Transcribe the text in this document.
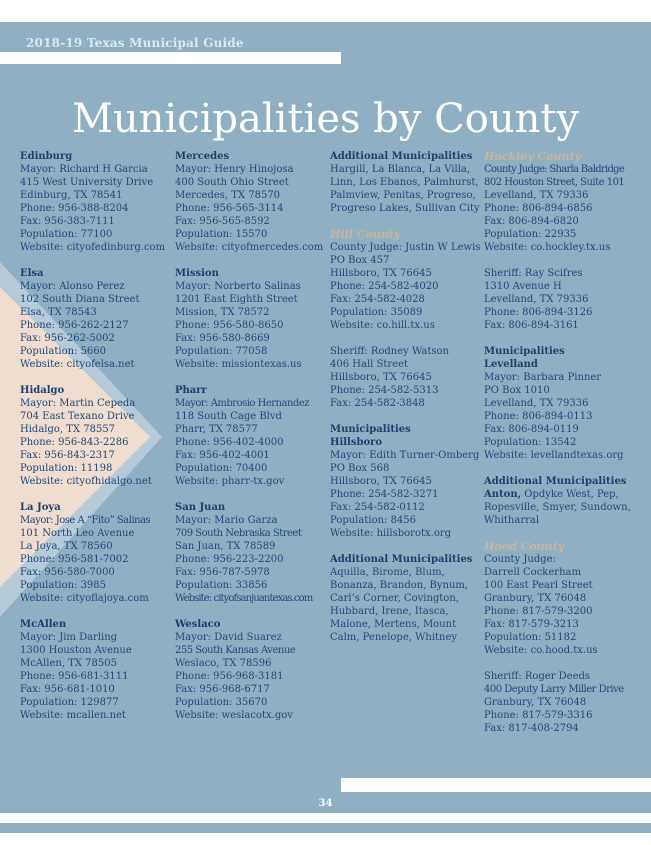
2018-19 Texas Municipal Guide
Municipalities by County
Edinburg
Mayor: Richard H Garcia
415 West University Drive
Edinburg, TX 78541
Phone: 956-388-8204
Fax: 956-383-7111
Population: 77100
Website: cityofedinburg.com
Elsa
Mayor: Alonso Perez
102 South Diana Street
Elsa, TX 78543
Phone: 956-262-2127
Fax: 956-262-5002
Population: 5660
Website: cityofelsa.net
Hidalgo
Mayor: Martin Cepeda
704 East Texano Drive
Hidalgo, TX 78557
Phone: 956-843-2286
Fax: 956-843-2317
Population: 11198
Website: cityofhidalgo.net
La Joya
Mayor: Jose A “Fito” Salinas
101 North Leo Avenue
La Joya, TX 78560
Phone: 956-581-7002
Fax: 956-580-7000
Population: 3985
Website: cityoflajoya.com
McAllen
Mayor: Jim Darling
1300 Houston Avenue
McAllen, TX 78505
Phone: 956-681-3111
Fax: 956-681-1010
Population: 129877
Website: mcallen.net
Mercedes
Mayor: Henry Hinojosa
400 South Ohio Street
Mercedes, TX 78570
Phone: 956-565-3114
Fax: 956-565-8592
Population: 15570
Website: cityofmercedes.com
Mission
Mayor: Norberto Salinas
1201 East Eighth Street
Mission, TX 78572
Phone: 956-580-8650
Fax: 956-580-8669
Population: 77058
Website: missiontexas.us
Pharr
Mayor: Ambrosio Hernandez
118 South Cage Blvd
Pharr, TX 78577
Phone: 956-402-4000
Fax: 956-402-4001
Population: 70400
Website: pharr-tx.gov
San Juan
Mayor: Mario Garza
709 South Nebraska Street
San Juan, TX 78589
Phone: 956-223-2200
Fax: 956-787-5978
Population: 33856
Website: cityofsanjuantexas.com
Weslaco
Mayor: David Suarez
255 South Kansas Avenue
Weslaco, TX 78596
Phone: 956-968-3181
Fax: 956-968-6717
Population: 35670
Website: weslacotx.gov
Additional Municipalities
Hargill, La Blanca, La Villa, Linn, Los Ebanos, Palmhurst, Palmview, Penitas, Progreso, Progreso Lakes, Sullivan City
Hill County
County Judge: Justin W Lewis
PO Box 457
Hillsboro, TX 76645
Phone: 254-582-4020
Fax: 254-582-4028
Population: 35089
Website: co.hill.tx.us
Sheriff: Rodney Watson
406 Hall Street
Hillsboro, TX 76645
Phone: 254-582-5313
Fax: 254-582-3848
Municipalities
Hillsboro
Mayor: Edith Turner-Omberg
PO Box 568
Hillsboro, TX 76645
Phone: 254-582-3271
Fax: 254-582-0112
Population: 8456
Website: hillsborotx.org
Additional Municipalities
Aquilla, Birome, Blum, Bonanza, Brandon, Bynum, Carl’s Corner, Covington, Hubbard, Irene, Itasca, Malone, Mertens, Mount Calm, Penelope, Whitney
Hockley County
County Judge: Sharla Baldridge
802 Houston Street, Suite 101
Levelland, TX 79336
Phone: 806-894-6856
Fax: 806-894-6820
Population: 22935
Website: co.hockley.tx.us
Sheriff: Ray Scifres
1310 Avenue H
Levelland, TX 79336
Phone: 806-894-3126
Fax: 806-894-3161
Municipalities
Levelland
Mayor: Barbara Pinner
PO Box 1010
Levelland, TX 79336
Phone: 806-894-0113
Fax: 806-894-0119
Population: 13542
Website: levellandtexas.org
Additional Municipalities
Anton, Opdyke West, Pep, Ropesville, Smyer, Sundown, Whitharral
Hood County
County Judge:
Darrell Cockerham
100 East Pearl Street
Granbury, TX 76048
Phone: 817-579-3200
Fax: 817-579-3213
Population: 51182
Website: co.hood.tx.us
Sheriff: Roger Deeds
400 Deputy Larry Miller Drive
Granbury, TX 76048
Phone: 817-579-3316
Fax: 817-408-2794
34
